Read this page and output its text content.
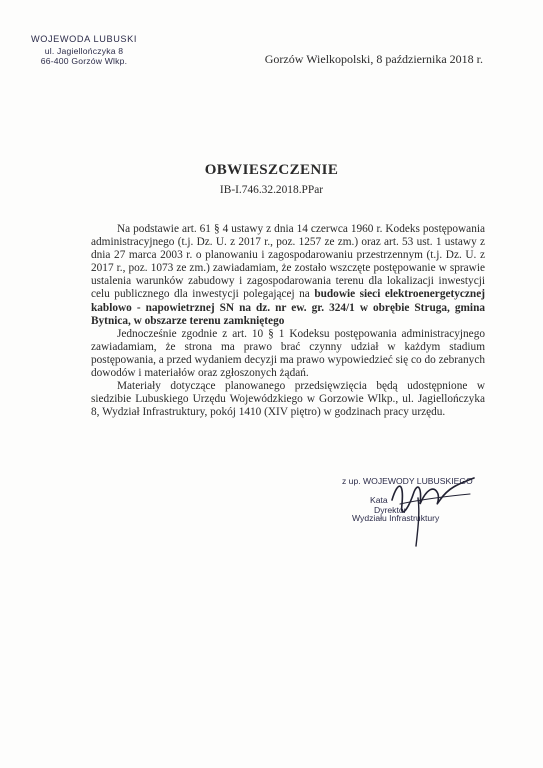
WOJEWODA LUBUSKI
ul. Jagiellończyka 8
66-400 Gorzów Wlkp.	Gorzów Wielkopolski, 8 października 2018 r.
OBWIESZCZENIE
IB-I.746.32.2018.PPar

Na podstawie art. 61 § 4 ustawy z dnia 14 czerwca 1960 r. Kodeks postępowania administracyjnego (t.j. Dz. U. z 2017 r., poz. 1257 ze zm.) oraz art. 53 ust. 1 ustawy z dnia 27 marca 2003 r. o planowaniu i zagospodarowaniu przestrzennym (t.j. Dz. U. z 2017 r., poz. 1073 ze zm.) zawiadamiam, że zostało wszczęte postępowanie w sprawie ustalenia warunków zabudowy i zagospodarowania terenu dla lokalizacji inwestycji celu publicznego dla inwestycji polegającej na budowie sieci elektroenergetycznej kablowo - napowietrznej SN na dz. nr ew. gr. 324/1 w obrębie Struga, gmina Bytnica, w obszarze terenu zamkniętego

Jednocześnie zgodnie z art. 10 § 1 Kodeksu postępowania administracyjnego zawiadamiam, że strona ma prawo brać czynny udział w każdym stadium postępowania, a przed wydaniem decyzji ma prawo wypowiedzieć się co do zebranych dowodów i materiałów oraz zgłoszonych żądań.

Materiały dotyczące planowanego przedsięwzięcia będą udostępnione w siedzibie Lubuskiego Urzędu Wojewódzkiego w Gorzowie Wlkp., ul. Jagiellończyka 8, Wydział Infrastruktury, pokój 1410 (XIV piętro) w godzinach pracy urzędu.

z up. WOJEWODY LUBUSKIEGO
Kata
Dyrektor
Wydziału Infrastruktury
